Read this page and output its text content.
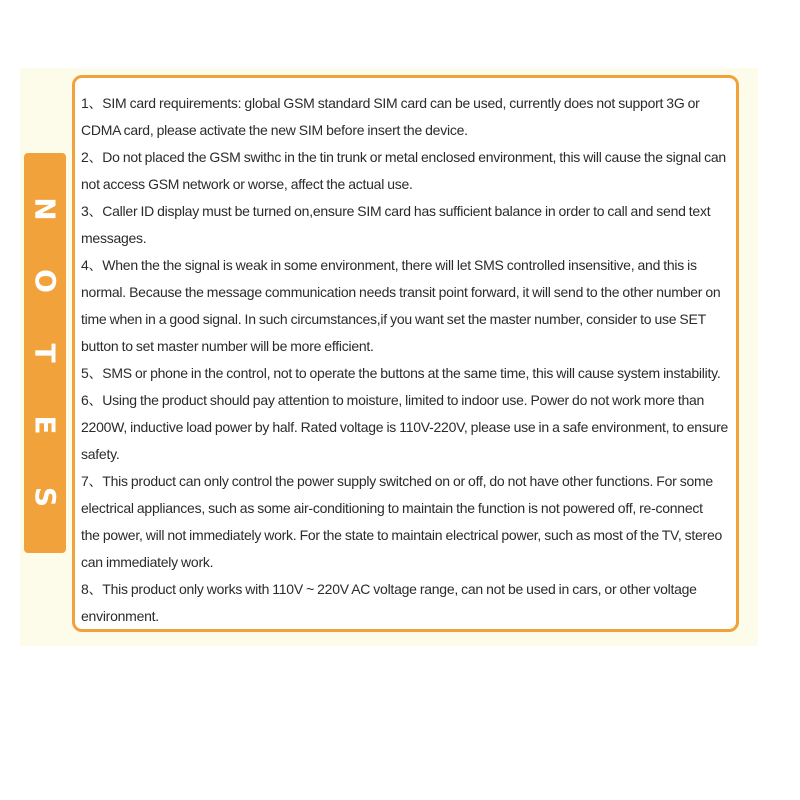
N
O
T
E
S
1、SIM card requirements: global GSM standard SIM card can be used, currently does not support 3G or
CDMA card, please activate the new SIM before insert the device.
2、Do not placed the GSM swithc in the tin trunk or metal enclosed environment, this will cause the signal can
not access GSM network or worse, affect the actual use.
3、Caller ID display must be turned on,ensure SIM card has sufficient balance in order to call and send text
messages.
4、When the the signal is weak in some environment, there will let SMS controlled insensitive, and this is
normal. Because the message communication needs transit point forward, it will send to the other number on
time when in a good signal. In such circumstances,if you want set the master number, consider to use SET
button to set master number will be more efficient.
5、SMS or phone in the control, not to operate the buttons at the same time, this will cause system instability.
6、Using the product should pay attention to moisture, limited to indoor use. Power do not work more than
2200W, inductive load power by half. Rated voltage is 110V-220V, please use in a safe environment, to ensure
safety.
7、This product can only control the power supply switched on or off, do not have other functions. For some
electrical appliances, such as some air-conditioning to maintain the function is not powered off, re-connect
the power, will not immediately work. For the state to maintain electrical power, such as most of the TV, stereo
can immediately work.
8、This product only works with 110V ~ 220V AC voltage range, can not be used in cars, or other voltage
environment.
